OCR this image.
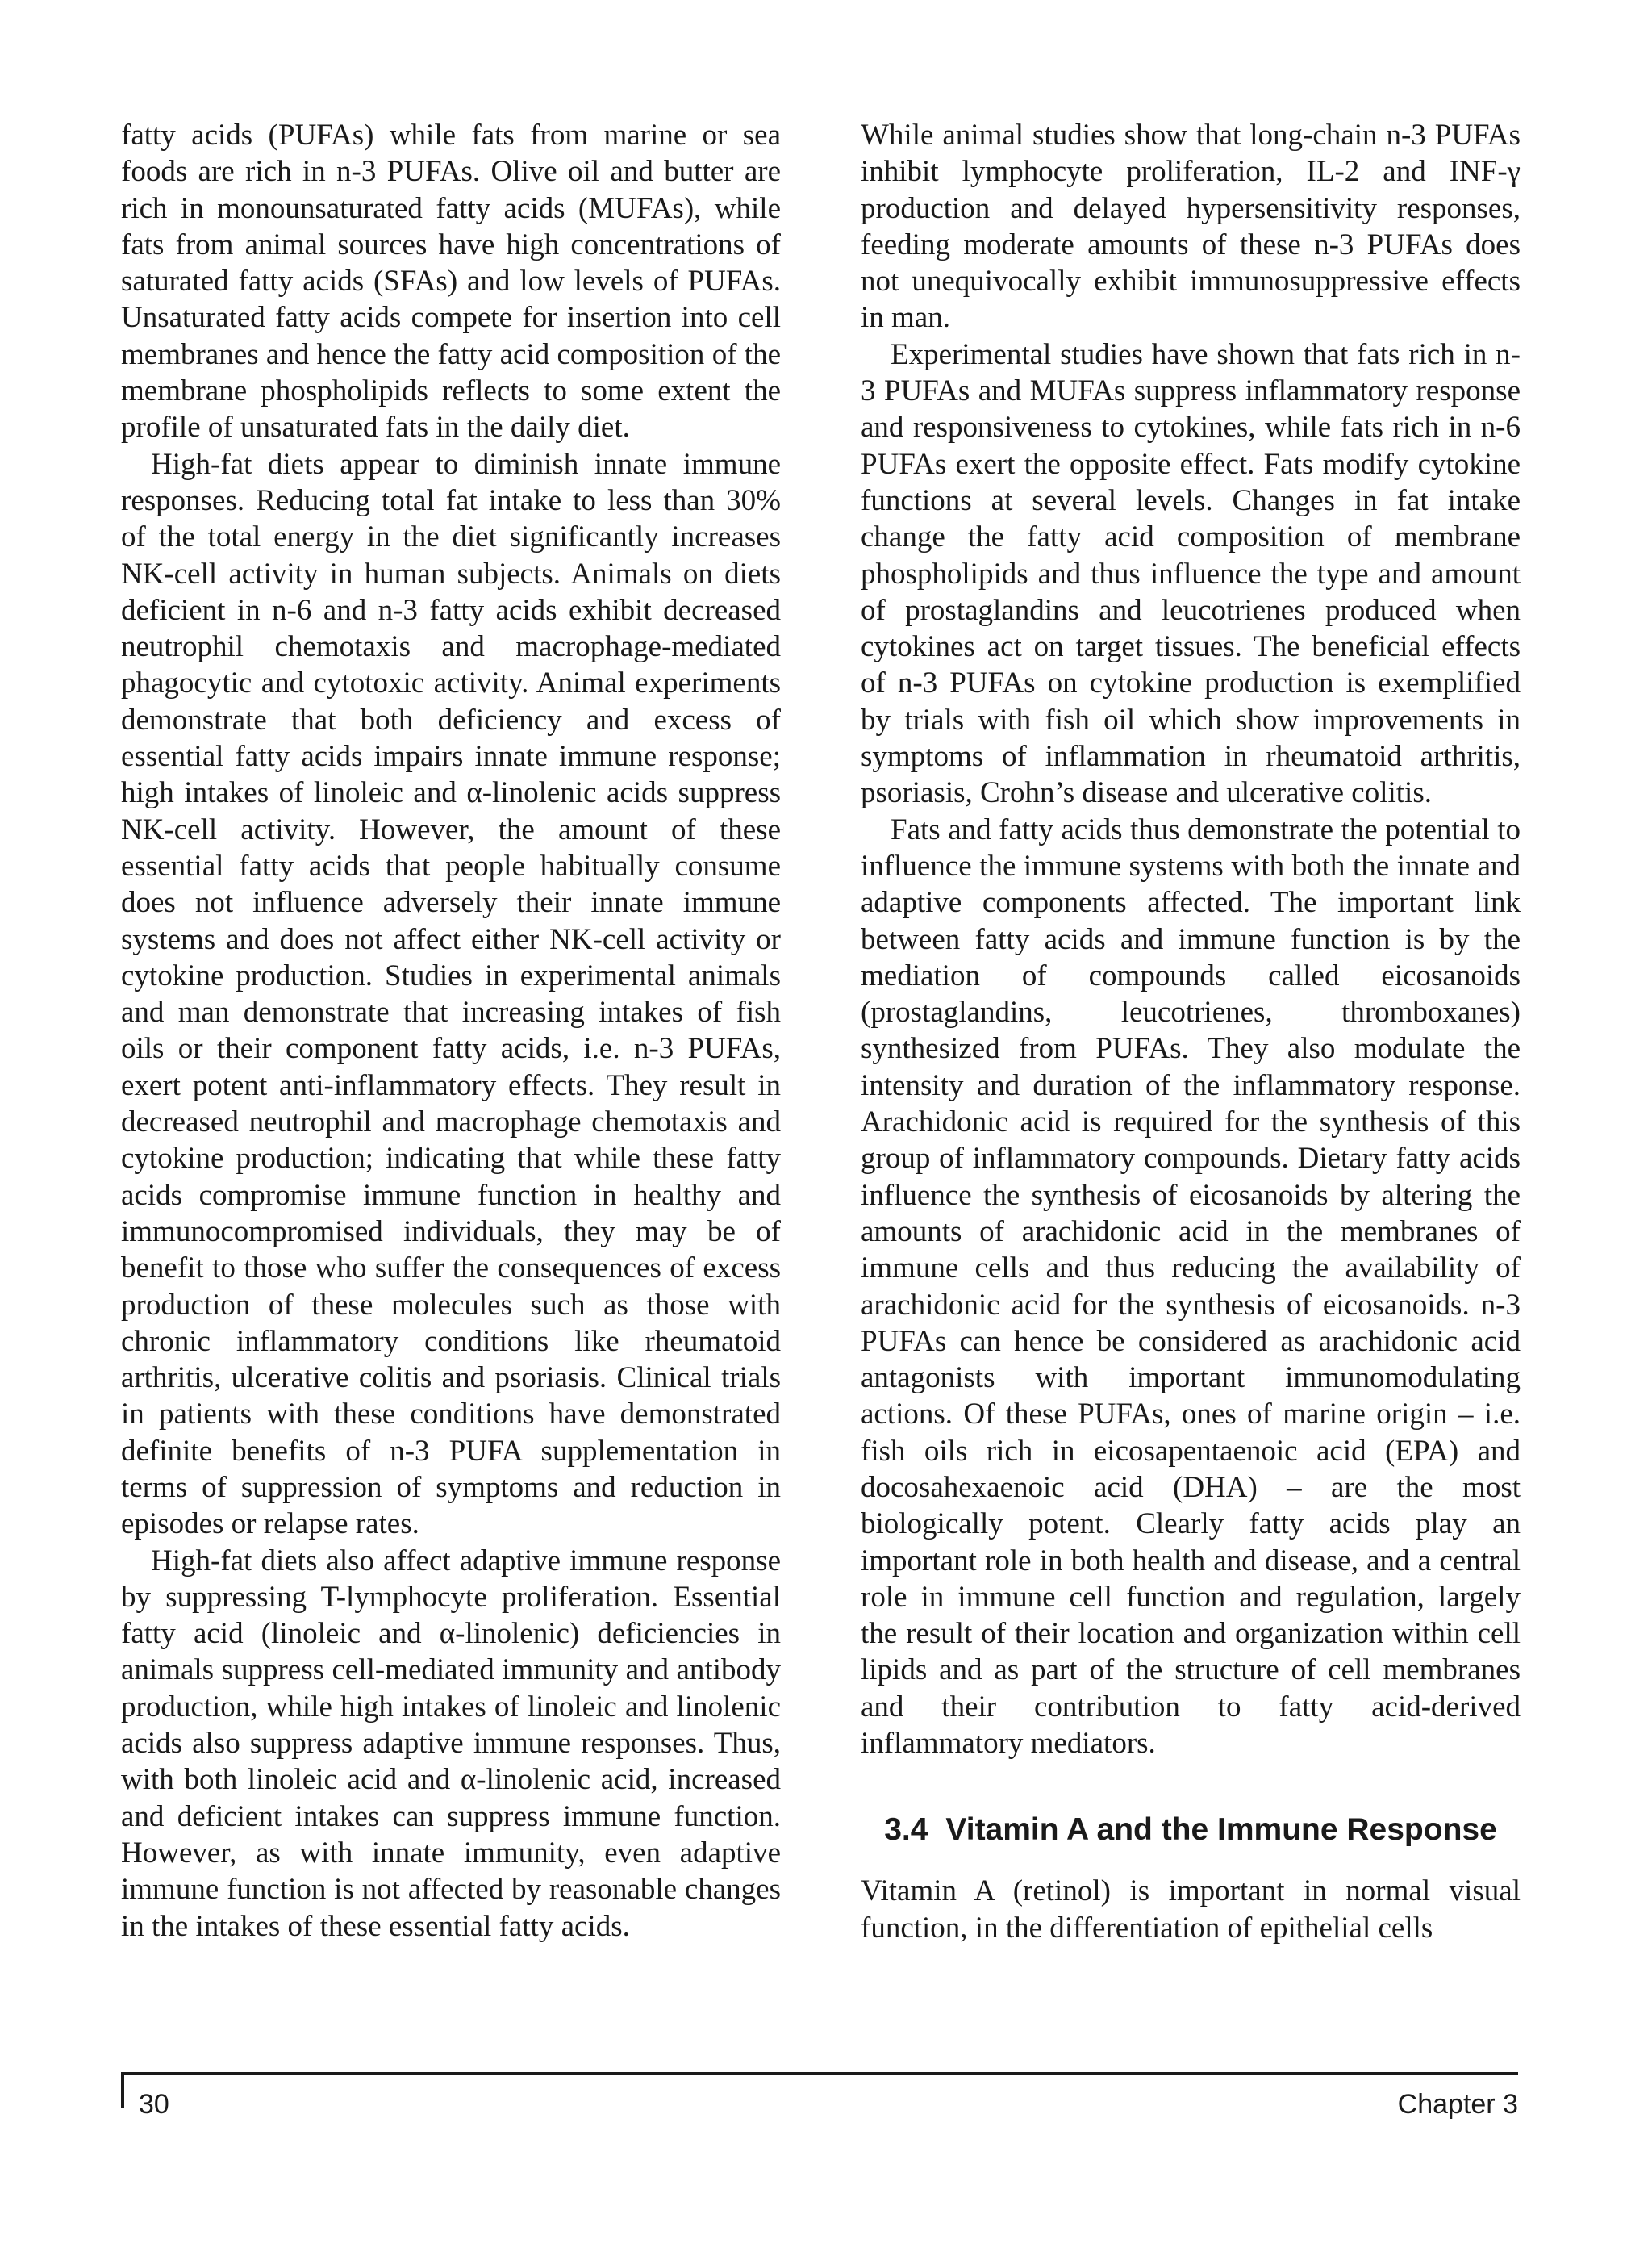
fatty acids (PUFAs) while fats from marine or sea foods are rich in n-3 PUFAs. Olive oil and butter are rich in monounsaturated fatty acids (MUFAs), while fats from animal sources have high concentrations of saturated fatty acids (SFAs) and low levels of PUFAs. Unsaturated fatty acids compete for insertion into cell membranes and hence the fatty acid composition of the membrane phospholipids reflects to some extent the profile of unsaturated fats in the daily diet.

High-fat diets appear to diminish innate immune responses. Reducing total fat intake to less than 30% of the total energy in the diet significantly increases NK-cell activity in human subjects. Animals on diets deficient in n-6 and n-3 fatty acids exhibit decreased neutrophil chemotaxis and macrophage-mediated phagocytic and cytotoxic activity. Animal experiments demonstrate that both deficiency and excess of essential fatty acids impairs innate immune response; high intakes of linoleic and α-linolenic acids suppress NK-cell activity. However, the amount of these essential fatty acids that people habitually consume does not influence adversely their innate immune systems and does not affect either NK-cell activity or cytokine production. Studies in experimental animals and man demonstrate that increasing intakes of fish oils or their component fatty acids, i.e. n-3 PUFAs, exert potent anti-inflammatory effects. They result in decreased neutrophil and macrophage chemotaxis and cytokine production; indicating that while these fatty acids compromise immune function in healthy and immunocompromised individuals, they may be of benefit to those who suffer the consequences of excess production of these molecules such as those with chronic inflammatory conditions like rheumatoid arthritis, ulcerative colitis and psoriasis. Clinical trials in patients with these conditions have demonstrated definite benefits of n-3 PUFA supplementation in terms of suppression of symptoms and reduction in episodes or relapse rates.

High-fat diets also affect adaptive immune response by suppressing T-lymphocyte proliferation. Essential fatty acid (linoleic and α-linolenic) deficiencies in animals suppress cell-mediated immunity and antibody production, while high intakes of linoleic and linolenic acids also suppress adaptive immune responses. Thus, with both linoleic acid and α-linolenic acid, increased and deficient intakes can suppress immune function. However, as with innate immunity, even adaptive immune function is not affected by reasonable changes in the intakes of these essential fatty acids.

While animal studies show that long-chain n-3 PUFAs inhibit lymphocyte proliferation, IL-2 and INF-γ production and delayed hypersensitivity responses, feeding moderate amounts of these n-3 PUFAs does not unequivocally exhibit immunosuppressive effects in man.

Experimental studies have shown that fats rich in n-3 PUFAs and MUFAs suppress inflammatory response and responsiveness to cytokines, while fats rich in n-6 PUFAs exert the opposite effect. Fats modify cytokine functions at several levels. Changes in fat intake change the fatty acid composition of membrane phospholipids and thus influence the type and amount of prostaglandins and leucotrienes produced when cytokines act on target tissues. The beneficial effects of n-3 PUFAs on cytokine production is exemplified by trials with fish oil which show improvements in symptoms of inflammation in rheumatoid arthritis, psoriasis, Crohn’s disease and ulcerative colitis.

Fats and fatty acids thus demonstrate the potential to influence the immune systems with both the innate and adaptive components affected. The important link between fatty acids and immune function is by the mediation of compounds called eicosanoids (prostaglandins, leucotrienes, thromboxanes) synthesized from PUFAs. They also modulate the intensity and duration of the inflammatory response. Arachidonic acid is required for the synthesis of this group of inflammatory compounds. Dietary fatty acids influence the synthesis of eicosanoids by altering the amounts of arachidonic acid in the membranes of immune cells and thus reducing the availability of arachidonic acid for the synthesis of eicosanoids. n-3 PUFAs can hence be considered as arachidonic acid antagonists with important immunomodulating actions. Of these PUFAs, ones of marine origin – i.e. fish oils rich in eicosapentaenoic acid (EPA) and docosahexaenoic acid (DHA) – are the most biologically potent. Clearly fatty acids play an important role in both health and disease, and a central role in immune cell function and regulation, largely the result of their location and organization within cell lipids and as part of the structure of cell membranes and their contribution to fatty acid-derived inflammatory mediators.

3.4 Vitamin A and the Immune Response

Vitamin A (retinol) is important in normal visual function, in the differentiation of epithelial cells

30	Chapter 3
